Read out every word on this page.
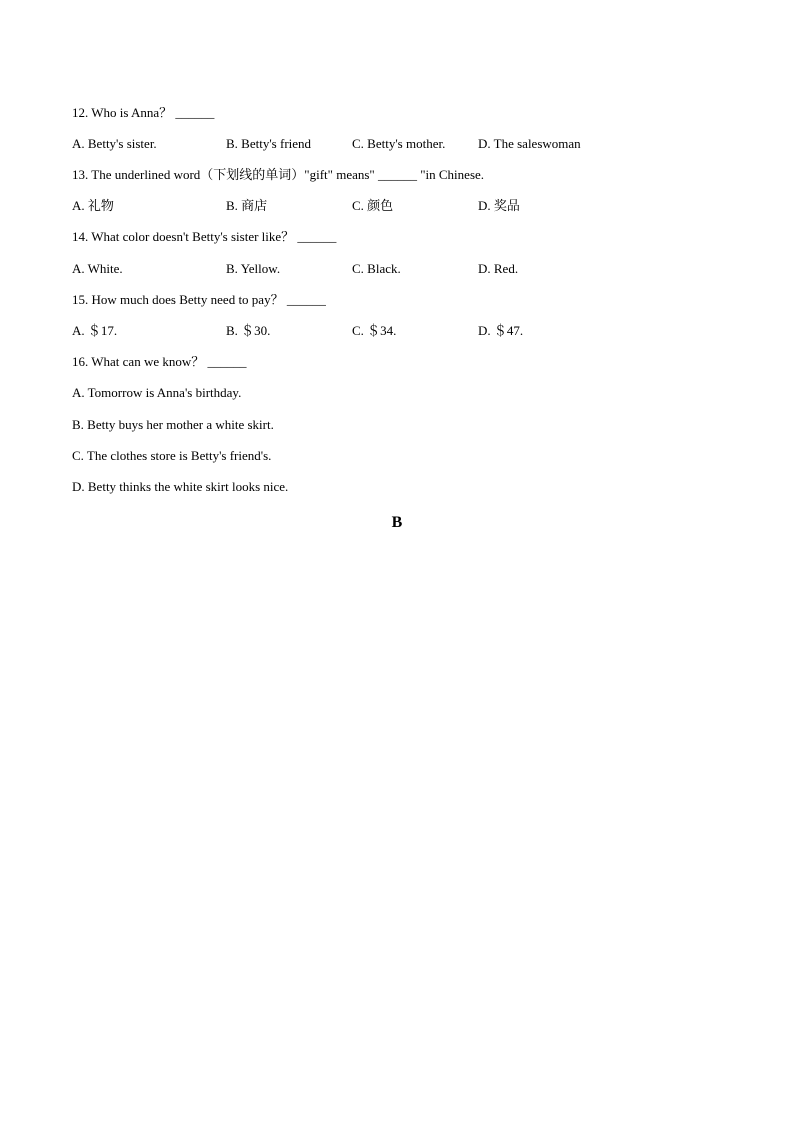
12. Who is Anna？ ______
A. Betty's sister.	B. Betty's friend	C. Betty's mother.	D. The saleswoman
13. The underlined word（下划线的单词）"gift" means" ______ "in Chinese.
A. 礼物	B. 商店	C. 颜色	D. 奖品
14. What color doesn't Betty's sister like？ ______
A. White.	B. Yellow.	C. Black.	D. Red.
15. How much does Betty need to pay？ ______
A. ＄17.	B. ＄30.	C. ＄34.	D. ＄47.
16. What can we know？ ______
A. Tomorrow is Anna's birthday.
B. Betty buys her mother a white skirt.
C. The clothes store is Betty's friend's.
D. Betty thinks the white skirt looks nice.
B
